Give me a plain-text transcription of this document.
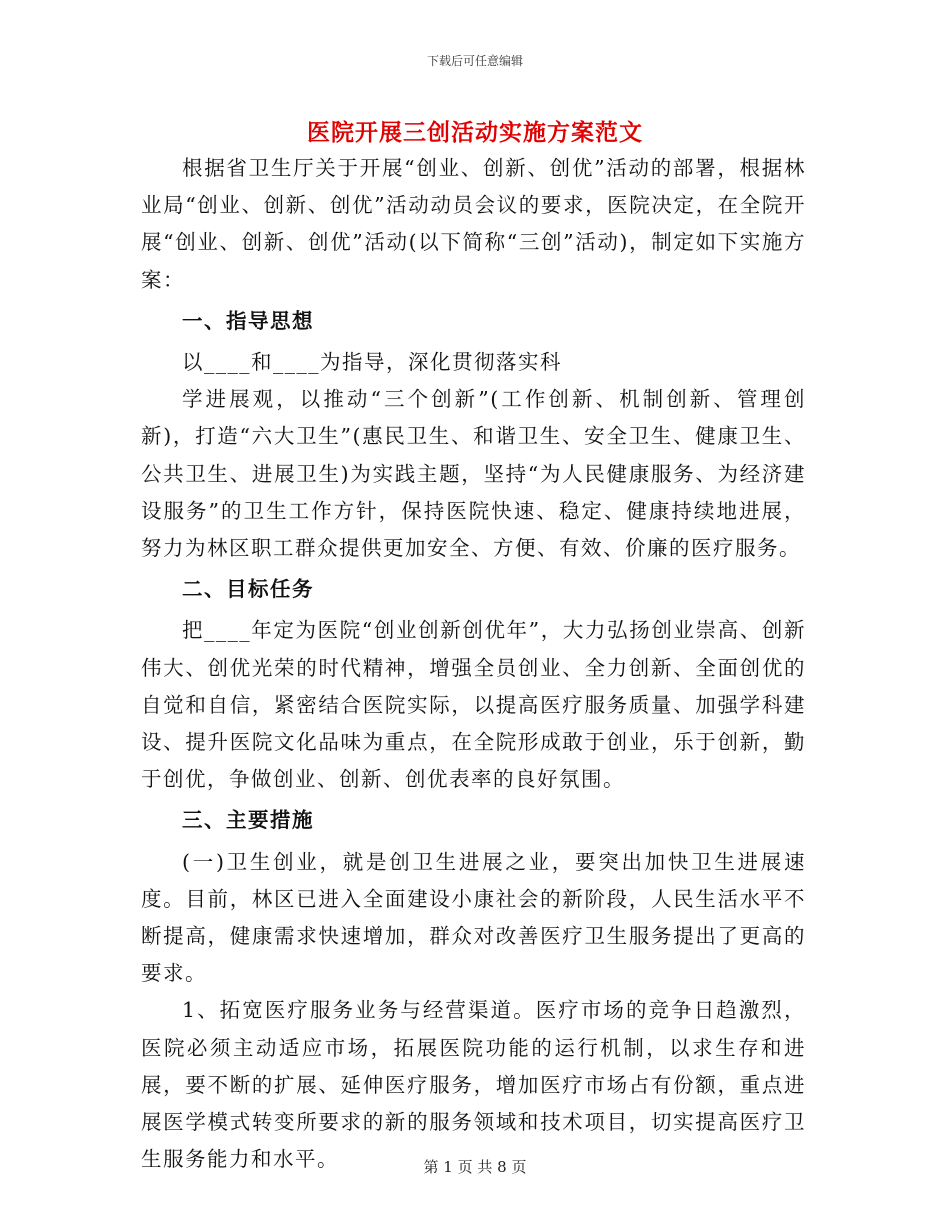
下载后可任意编辑
医院开展三创活动实施方案范文

根据省卫生厅关于开展“创业、创新、创优”活动的部署，根据林业局“创业、创新、创优”活动动员会议的要求，医院决定，在全院开展“创业、创新、创优”活动(以下简称“三创”活动)，制定如下实施方案：

一、指导思想

以____和____为指导，深化贯彻落实科

学进展观，以推动“三个创新”(工作创新、机制创新、管理创新)，打造“六大卫生”(惠民卫生、和谐卫生、安全卫生、健康卫生、公共卫生、进展卫生)为实践主题，坚持“为人民健康服务、为经济建设服务”的卫生工作方针，保持医院快速、稳定、健康持续地进展，努力为林区职工群众提供更加安全、方便、有效、价廉的医疗服务。

二、目标任务

把____年定为医院“创业创新创优年”，大力弘扬创业崇高、创新伟大、创优光荣的时代精神，增强全员创业、全力创新、全面创优的自觉和自信，紧密结合医院实际，以提高医疗服务质量、加强学科建设、提升医院文化品味为重点，在全院形成敢于创业，乐于创新，勤于创优，争做创业、创新、创优表率的良好氛围。

三、主要措施

(一)卫生创业，就是创卫生进展之业，要突出加快卫生进展速度。目前，林区已进入全面建设小康社会的新阶段，人民生活水平不断提高，健康需求快速增加，群众对改善医疗卫生服务提出了更高的要求。

1、拓宽医疗服务业务与经营渠道。医疗市场的竞争日趋激烈，医院必须主动适应市场，拓展医院功能的运行机制，以求生存和进展，要不断的扩展、延伸医疗服务，增加医疗市场占有份额，重点进展医学模式转变所要求的新的服务领域和技术项目，切实提高医疗卫生服务能力和水平。	第 1 页 共 8 页
